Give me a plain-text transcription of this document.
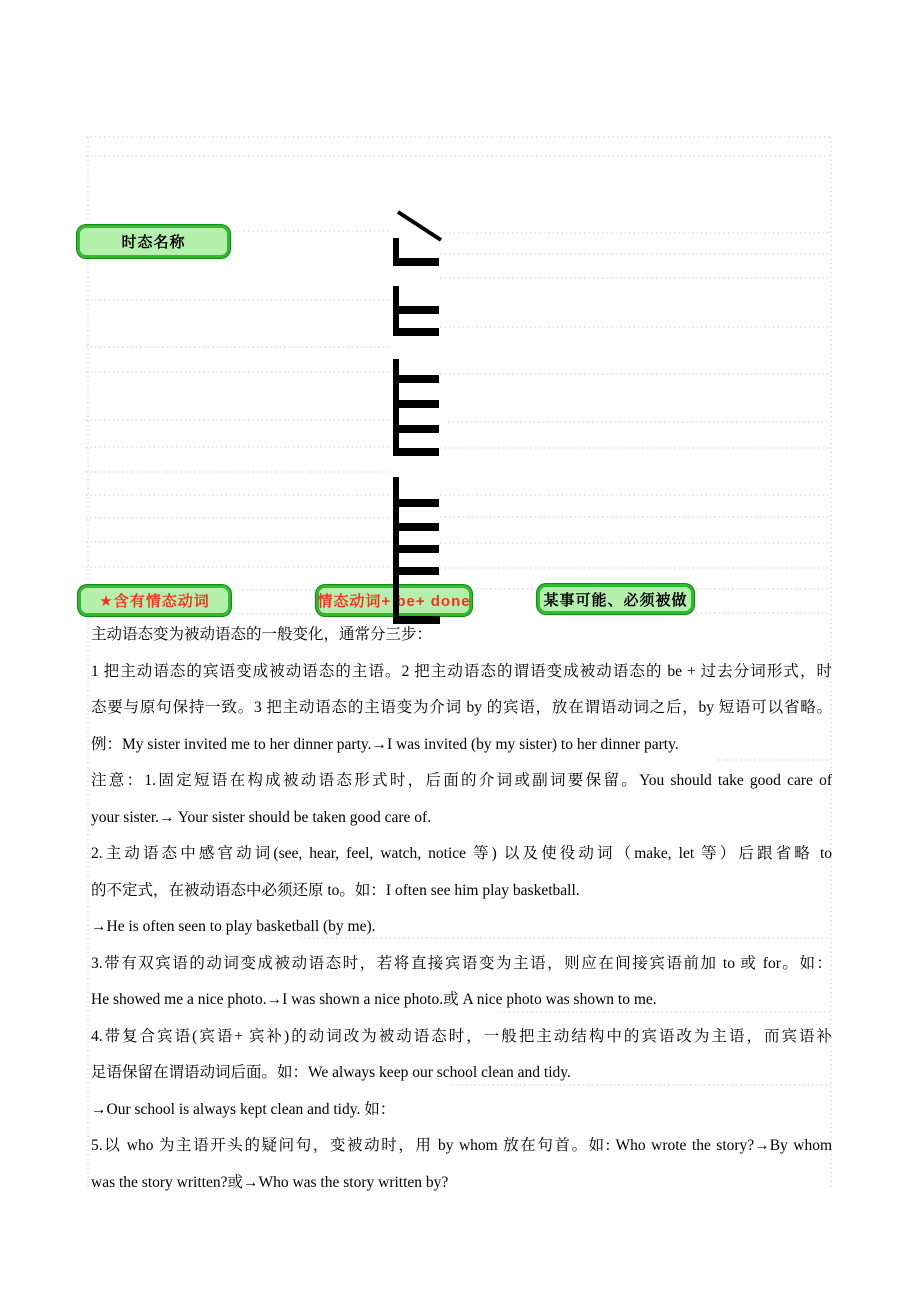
时态名称
★含有情态动词	情态动词+ be+ done	某事可能、必须被做
主动语态变为被动语态的一般变化，通常分三步：
1 把主动语态的宾语变成被动语态的主语。2 把主动语态的谓语变成被动语态的 be + 过去分词形式，时
态要与原句保持一致。3 把主动语态的主语变为介词 by 的宾语，放在谓语动词之后，by 短语可以省略。
例：My sister invited me to her dinner party.→I was invited (by my sister) to her dinner party.
注意：1.固定短语在构成被动语态形式时，后面的介词或副词要保留。You should take good care of
your sister.→ Your sister should be taken good care of.
2.主动语态中感官动词(see, hear, feel, watch, notice 等) 以及使役动词（make, let 等）后跟省略 to
的不定式，在被动语态中必须还原 to。如：I often see him play basketball.
→He is often seen to play basketball (by me).
3.带有双宾语的动词变成被动语态时，若将直接宾语变为主语，则应在间接宾语前加 to 或 for。如：
He showed me a nice photo.→I was shown a nice photo.或 A nice photo was shown to me.
4.带复合宾语(宾语+ 宾补)的动词改为被动语态时，一般把主动结构中的宾语改为主语，而宾语补
足语保留在谓语动词后面。如：We always keep our school clean and tidy.
→Our school is always kept clean and tidy. 如：
5.以 who 为主语开头的疑问句，变被动时，用 by whom 放在句首。如: Who wrote the story?→By whom
was the story written?或→Who was the story written by?
